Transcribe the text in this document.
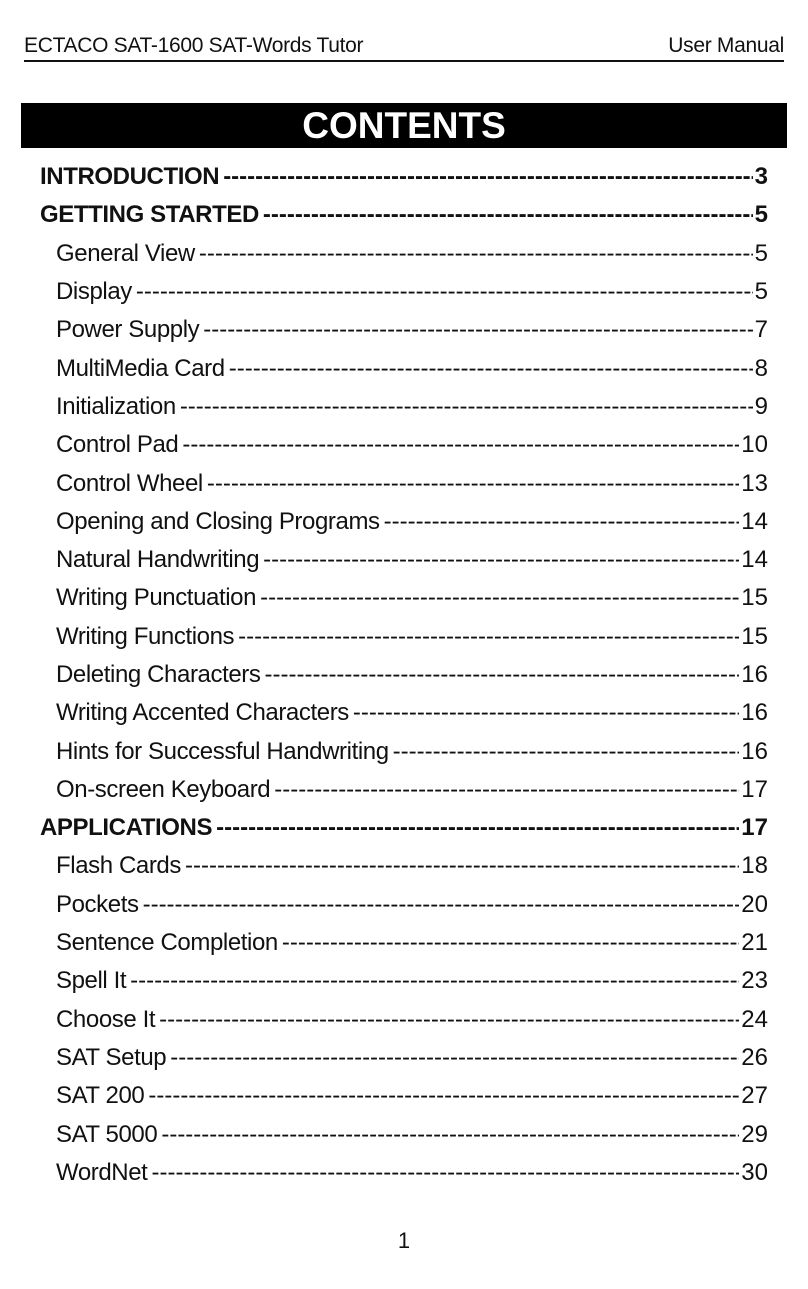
ECTACO SAT-1600 SAT-Words Tutor	User Manual
CONTENTS
INTRODUCTION -----	3
GETTING STARTED -----	5
General View -----	5
Display -----	5
Power Supply -----	7
MultiMedia Card -----	8
Initialization -----	9
Control Pad -----	10
Control Wheel -----	13
Opening and Closing Programs -----	14
Natural Handwriting -----	14
Writing Punctuation -----	15
Writing Functions -----	15
Deleting Characters -----	16
Writing Accented Characters -----	16
Hints for Successful Handwriting -----	16
On-screen Keyboard -----	17
APPLICATIONS -----	17
Flash Cards -----	18
Pockets -----	20
Sentence Completion -----	21
Spell It -----	23
Choose It -----	24
SAT Setup -----	26
SAT 200 -----	27
SAT 5000 -----	29
WordNet -----	30
1
